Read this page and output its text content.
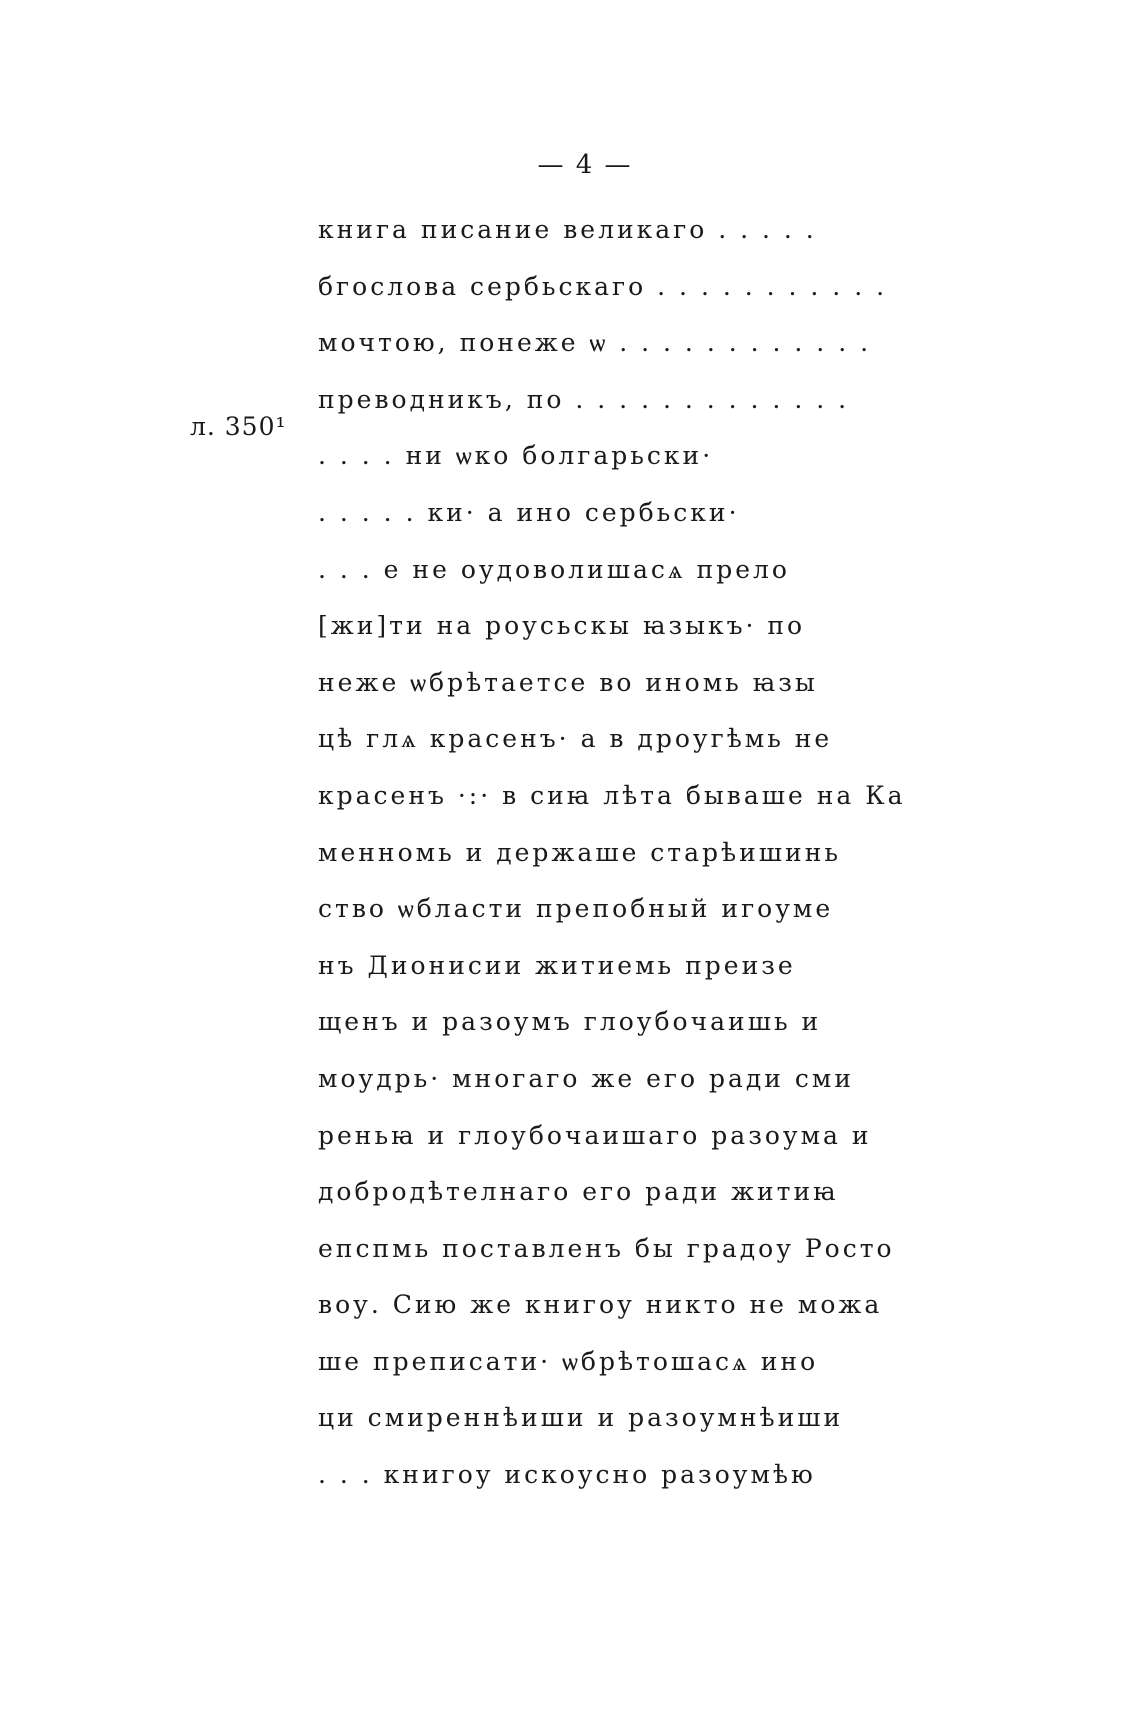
— 4 —
л. 350¹
книга писание великаго . . . . .
бгослова сербьскаго . . . . . . . . . . .
мочтою, понеже ѡ . . . . . . . . . . . .
преводникъ, по . . . . . . . . . . . . .
. . . . ни ѡко болгарьски·
. . . . . ки· а ино сербьски·
. . . е не оудоволишасѧ прело
[жи]ти на роусьскы ꙗзыкъ· по
неже ѡбрѣтаетсе во иномь ꙗзы
цѣ глѧ красенъ· а в дроугѣмь не
красенъ ·:· в сиꙗ лѣта бываше на Ка
менномь и держаше старѣишинь
ство ѡбласти препобный игоуме
нъ Дионисии житиемь преизе
щенъ и разоумъ глоубочаишь и
моудрь· многаго же его ради сми
реньꙗ и глоубочаишаго разоума и
добродѣтелнаго его ради житиꙗ
епспмь поставленъ бы градоу Росто
воу. Сию же книгоу никто не можа
ше преписати· ѡбрѣтошасѧ ино
ци смиреннѣиши и разоумнѣиши
. . . книгоу искоусно разоумѣю
